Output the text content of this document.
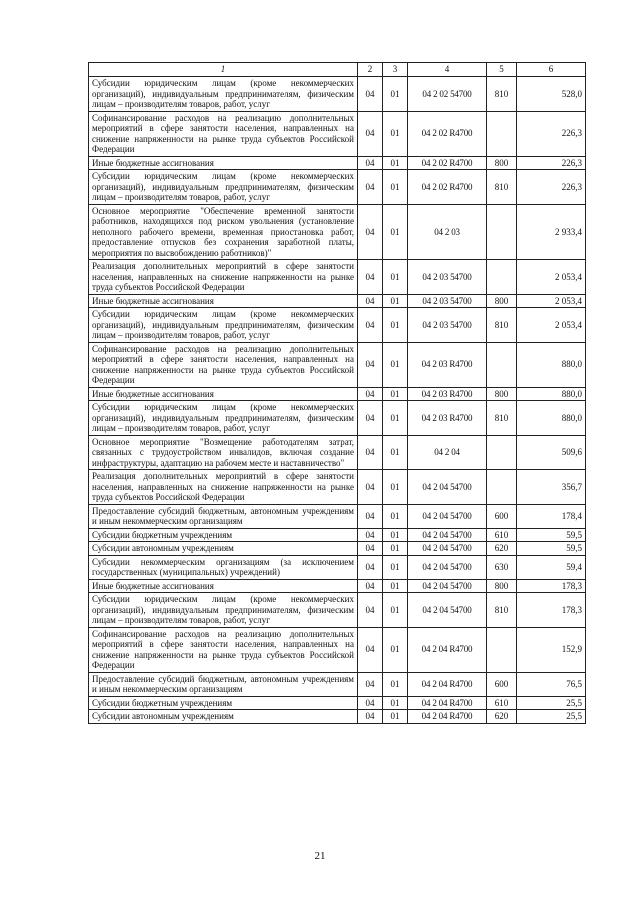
1	2	3	4	5	6
Субсидии юридическим лицам (кроме некоммерческих организаций), индивидуальным предпринимателям, физическим лицам – производителям товаров, работ, услуг	04	01	04 2 02 54700	810	528,0
Софинансирование расходов на реализацию дополнительных мероприятий в сфере занятости населения, направленных на снижение напряженности на рынке труда субъектов Российской Федерации	04	01	04 2 02 R4700		226,3
Иные бюджетные ассигнования	04	01	04 2 02 R4700	800	226,3
Субсидии юридическим лицам (кроме некоммерческих организаций), индивидуальным предпринимателям, физическим лицам – производителям товаров, работ, услуг	04	01	04 2 02 R4700	810	226,3
Основное мероприятие "Обеспечение временной занятости работников, находящихся под риском увольнения (установление неполного рабочего времени, временная приостановка работ, предоставление отпусков без сохранения заработной платы, мероприятия по высвобождению работников)"	04	01	04 2 03		2 933,4
Реализация дополнительных мероприятий в сфере занятости населения, направленных на снижение напряженности на рынке труда субъектов Российской Федерации	04	01	04 2 03 54700		2 053,4
Иные бюджетные ассигнования	04	01	04 2 03 54700	800	2 053,4
Субсидии юридическим лицам (кроме некоммерческих организаций), индивидуальным предпринимателям, физическим лицам – производителям товаров, работ, услуг	04	01	04 2 03 54700	810	2 053,4
Софинансирование расходов на реализацию дополнительных мероприятий в сфере занятости населения, направленных на снижение напряженности на рынке труда субъектов Российской Федерации	04	01	04 2 03 R4700		880,0
Иные бюджетные ассигнования	04	01	04 2 03 R4700	800	880,0
Субсидии юридическим лицам (кроме некоммерческих организаций), индивидуальным предпринимателям, физическим лицам – производителям товаров, работ, услуг	04	01	04 2 03 R4700	810	880,0
Основное мероприятие "Возмещение работодателям затрат, связанных с трудоустройством инвалидов, включая создание инфраструктуры, адаптацию на рабочем месте и наставничество"	04	01	04 2 04		509,6
Реализация дополнительных мероприятий в сфере занятости населения, направленных на снижение напряженности на рынке труда субъектов Российской Федерации	04	01	04 2 04 54700		356,7
Предоставление субсидий бюджетным, автономным учреждениям и иным некоммерческим организациям	04	01	04 2 04 54700	600	178,4
Субсидии бюджетным учреждениям	04	01	04 2 04 54700	610	59,5
Субсидии автономным учреждениям	04	01	04 2 04 54700	620	59,5
Субсидии некоммерческим организациям (за исключением государственных (муниципальных) учреждений)	04	01	04 2 04 54700	630	59,4
Иные бюджетные ассигнования	04	01	04 2 04 54700	800	178,3
Субсидии юридическим лицам (кроме некоммерческих организаций), индивидуальным предпринимателям, физическим лицам – производителям товаров, работ, услуг	04	01	04 2 04 54700	810	178,3
Софинансирование расходов на реализацию дополнительных мероприятий в сфере занятости населения, направленных на снижение напряженности на рынке труда субъектов Российской Федерации	04	01	04 2 04 R4700		152,9
Предоставление субсидий бюджетным, автономным учреждениям и иным некоммерческим организациям	04	01	04 2 04 R4700	600	76,5
Субсидии бюджетным учреждениям	04	01	04 2 04 R4700	610	25,5
Субсидии автономным учреждениям	04	01	04 2 04 R4700	620	25,5
21
